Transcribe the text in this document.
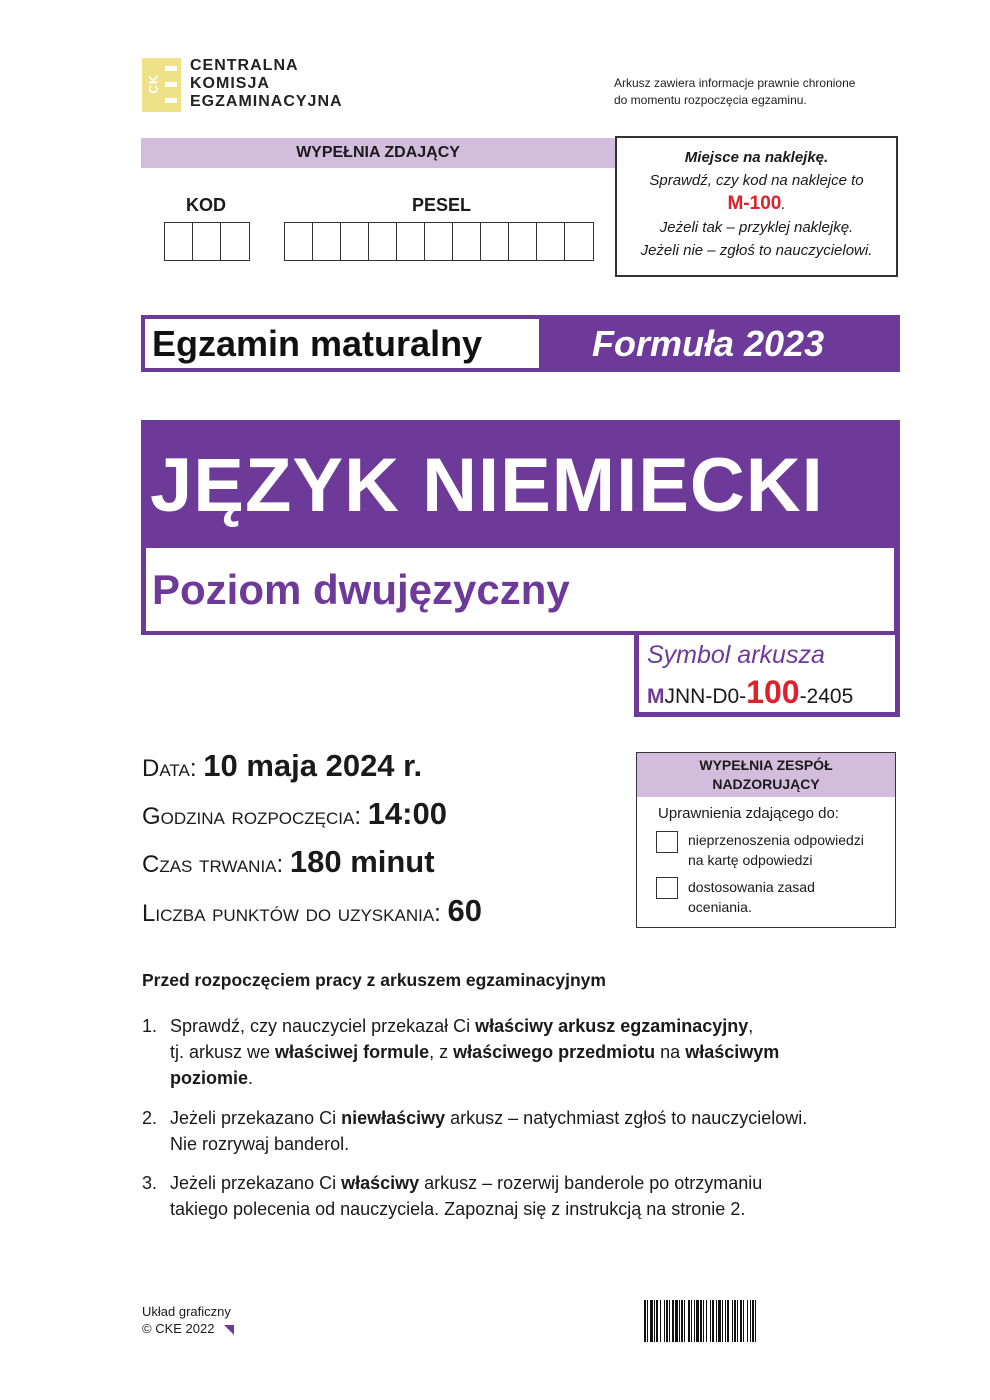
CK
CENTRALNA
KOMISJA
EGZAMINACYJNA
Arkusz zawiera informacje prawnie chronione
do momentu rozpoczęcia egzaminu.
WYPEŁNIA ZDAJĄCY
KOD	PESEL
Miejsce na naklejkę.
Sprawdź, czy kod na naklejce to
M-100.
Jeżeli tak – przyklej naklejkę.
Jeżeli nie – zgłoś to nauczycielowi.
Egzamin maturalny	Formuła 2023
JĘZYK NIEMIECKI
Poziom dwujęzyczny
Symbol arkusza
MJNN-D0-100-2405
Data: 10 maja 2024 r.
Godzina rozpoczęcia: 14:00
Czas trwania: 180 minut
Liczba punktów do uzyskania: 60
WYPEŁNIA ZESPÓŁ
NADZORUJĄCY
Uprawnienia zdającego do:
nieprzenoszenia odpowiedzi
na kartę odpowiedzi
dostosowania zasad
oceniania.
Przed rozpoczęciem pracy z arkuszem egzaminacyjnym
1. Sprawdź, czy nauczyciel przekazał Ci właściwy arkusz egzaminacyjny,
tj. arkusz we właściwej formule, z właściwego przedmiotu na właściwym
poziomie.
2. Jeżeli przekazano Ci niewłaściwy arkusz – natychmiast zgłoś to nauczycielowi.
Nie rozrywaj banderol.
3. Jeżeli przekazano Ci właściwy arkusz – rozerwij banderole po otrzymaniu
takiego polecenia od nauczyciela. Zapoznaj się z instrukcją na stronie 2.
Układ graficzny
© CKE 2022
